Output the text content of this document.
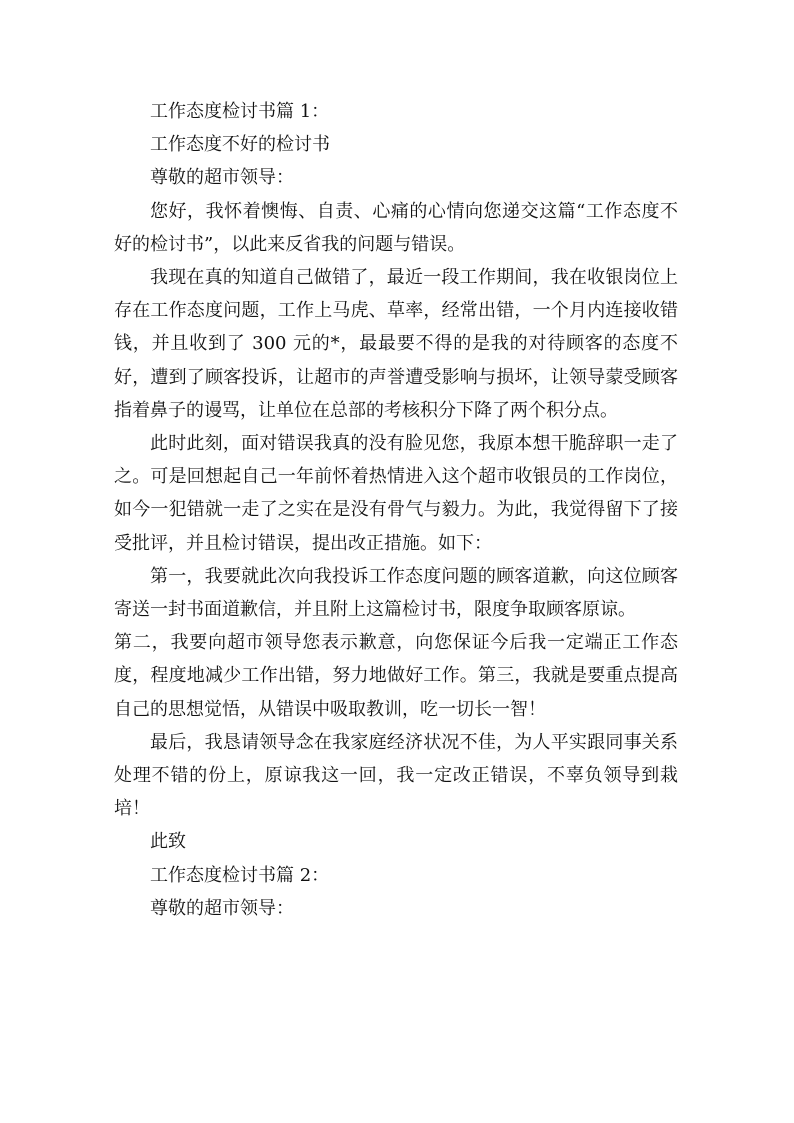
工作态度检讨书篇 1：

工作态度不好的检讨书

尊敬的超市领导：

您好，我怀着懊悔、自责、心痛的心情向您递交这篇“工作态度不好的检讨书”，以此来反省我的问题与错误。

我现在真的知道自己做错了，最近一段工作期间，我在收银岗位上存在工作态度问题，工作上马虎、草率，经常出错，一个月内连接收错钱，并且收到了 300 元的*，最最要不得的是我的对待顾客的态度不好，遭到了顾客投诉，让超市的声誉遭受影响与损坏，让领导蒙受顾客指着鼻子的谩骂，让单位在总部的考核积分下降了两个积分点。

此时此刻，面对错误我真的没有脸见您，我原本想干脆辞职一走了之。可是回想起自己一年前怀着热情进入这个超市收银员的工作岗位，如今一犯错就一走了之实在是没有骨气与毅力。为此，我觉得留下了接受批评，并且检讨错误，提出改正措施。如下：

第一，我要就此次向我投诉工作态度问题的顾客道歉，向这位顾客寄送一封书面道歉信，并且附上这篇检讨书，限度争取顾客原谅。

第二，我要向超市领导您表示歉意，向您保证今后我一定端正工作态度，程度地减少工作出错，努力地做好工作。第三，我就是要重点提高自己的思想觉悟，从错误中吸取教训，吃一切长一智！

最后，我恳请领导念在我家庭经济状况不佳，为人平实跟同事关系处理不错的份上，原谅我这一回，我一定改正错误，不辜负领导到栽培！

此致

工作态度检讨书篇 2：

尊敬的超市领导：
